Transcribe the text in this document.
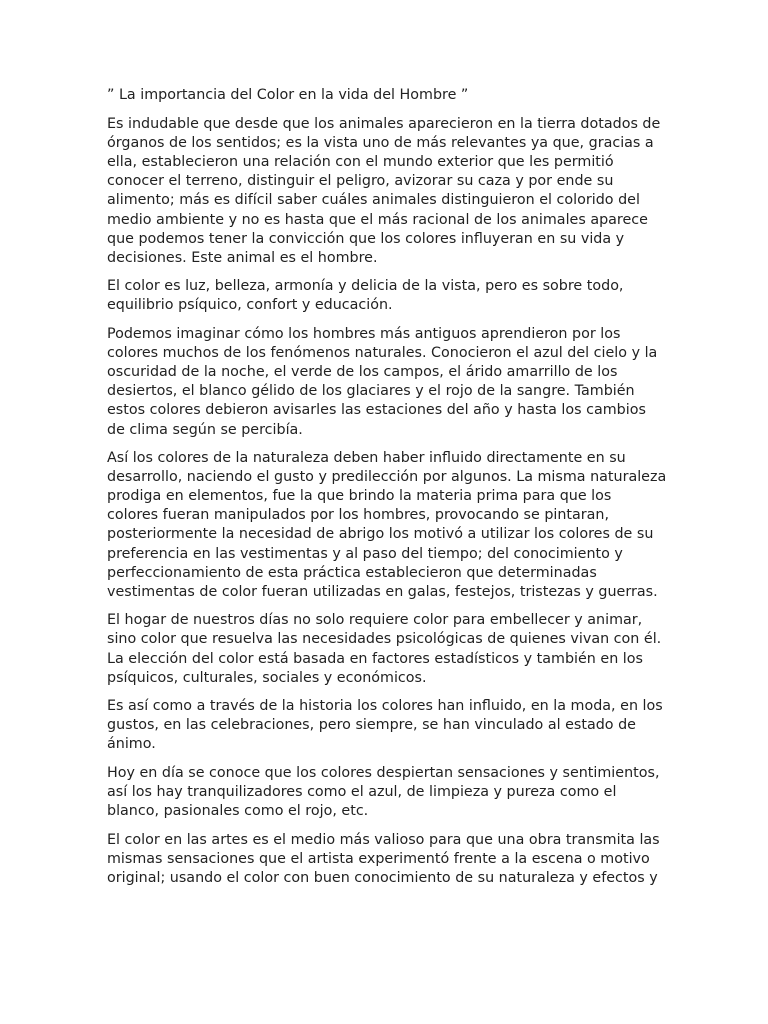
” La importancia del Color en la vida del Hombre ”

Es indudable que desde que los animales aparecieron en la tierra dotados de órganos de los sentidos; es la vista uno de más relevantes ya que, gracias a ella, establecieron una relación con el mundo exterior que les permitió conocer el terreno, distinguir el peligro, avizorar su caza y por ende su alimento; más es difícil saber cuáles animales distinguieron el colorido del medio ambiente y no es hasta que el más racional de los animales aparece que podemos tener la convicción que los colores influyeran en su vida y decisiones. Este animal es el hombre.

El color es luz, belleza, armonía y delicia de la vista, pero es sobre todo, equilibrio psíquico, confort y educación.

Podemos imaginar cómo los hombres más antiguos aprendieron por los colores muchos de los fenómenos naturales. Conocieron el azul del cielo y la oscuridad de la noche, el verde de los campos, el árido amarrillo de los desiertos, el blanco gélido de los glaciares y el rojo de la sangre. También estos colores debieron avisarles las estaciones del año y hasta los cambios de clima según se percibía.

Así los colores de la naturaleza deben haber influido directamente en su desarrollo, naciendo el gusto y predilección por algunos. La misma naturaleza prodiga en elementos, fue la que brindo la materia prima para que los colores fueran manipulados por los hombres, provocando se pintaran, posteriormente la necesidad de abrigo los motivó a utilizar los colores de su preferencia en las vestimentas y al paso del tiempo; del conocimiento y perfeccionamiento de esta práctica establecieron que determinadas vestimentas de color fueran utilizadas en galas, festejos, tristezas y guerras.

El hogar de nuestros días no solo requiere color para embellecer y animar, sino color que resuelva las necesidades psicológicas de quienes vivan con él. La elección del color está basada en factores estadísticos y también en los psíquicos, culturales, sociales y económicos.

Es así como a través de la historia los colores han influido, en la moda, en los gustos, en las celebraciones, pero siempre, se han vinculado al estado de ánimo.

Hoy en día se conoce que los colores despiertan sensaciones y sentimientos, así los hay tranquilizadores como el azul, de limpieza y pureza como el blanco, pasionales como el rojo, etc.

El color en las artes es el medio más valioso para que una obra transmita las mismas sensaciones que el artista experimentó frente a la escena o motivo original; usando el color con buen conocimiento de su naturaleza y efectos y
